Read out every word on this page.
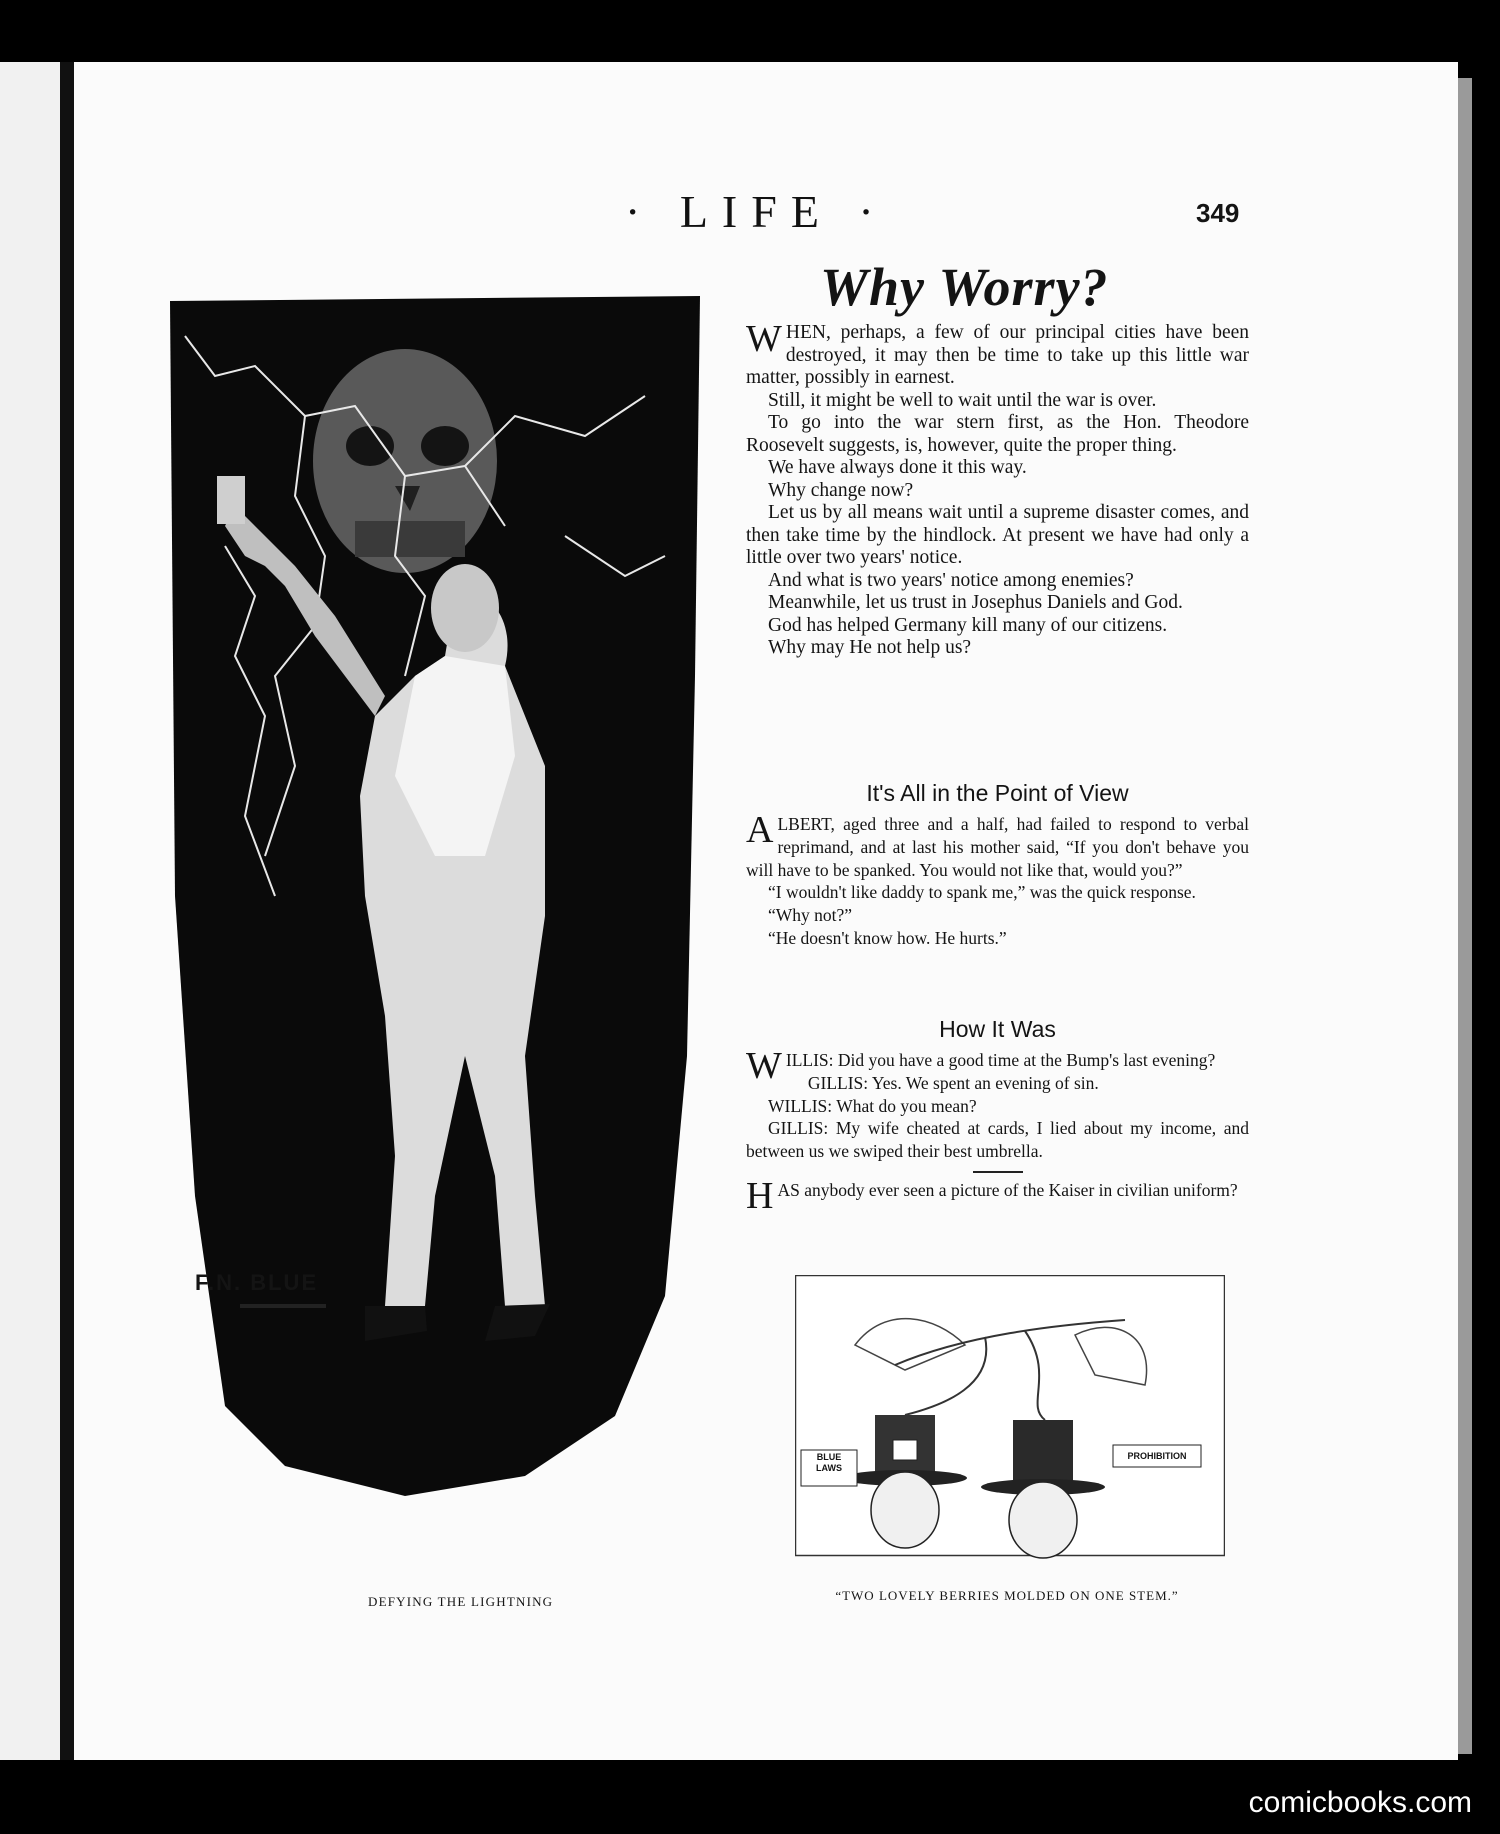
· LIFE ·	349
Why Worry?
F.N. BLUE
DEFYING THE LIGHTNING

WHEN, perhaps, a few of our principal cities have been destroyed, it may then be time to take up this little war matter, possibly in earnest.

Still, it might be well to wait until the war is over.

To go into the war stern first, as the Hon. Theodore Roosevelt suggests, is, however, quite the proper thing.

We have always done it this way.

Why change now?

Let us by all means wait until a supreme disaster comes, and then take time by the hindlock. At present we have had only a little over two years' notice.

And what is two years' notice among enemies?

Meanwhile, let us trust in Josephus Daniels and God.

God has helped Germany kill many of our citizens.

Why may He not help us?

It's All in the Point of View

ALBERT, aged three and a half, had failed to respond to verbal reprimand, and at last his mother said, “If you don't behave you will have to be spanked. You would not like that, would you?”

“I wouldn't like daddy to spank me,” was the quick response.

“Why not?”

“He doesn't know how. He hurts.”

How It Was

WILLIS: Did you have a good time at the Bump's last evening?

GILLIS: Yes. We spent an evening of sin.

WILLIS: What do you mean?

GILLIS: My wife cheated at cards, I lied about my income, and between us we swiped their best umbrella.

HAS anybody ever seen a picture of the Kaiser in civilian uniform?

BLUE LAWS
PROHIBITION
“TWO LOVELY BERRIES MOLDED ON ONE STEM.”
comicbooks.com
